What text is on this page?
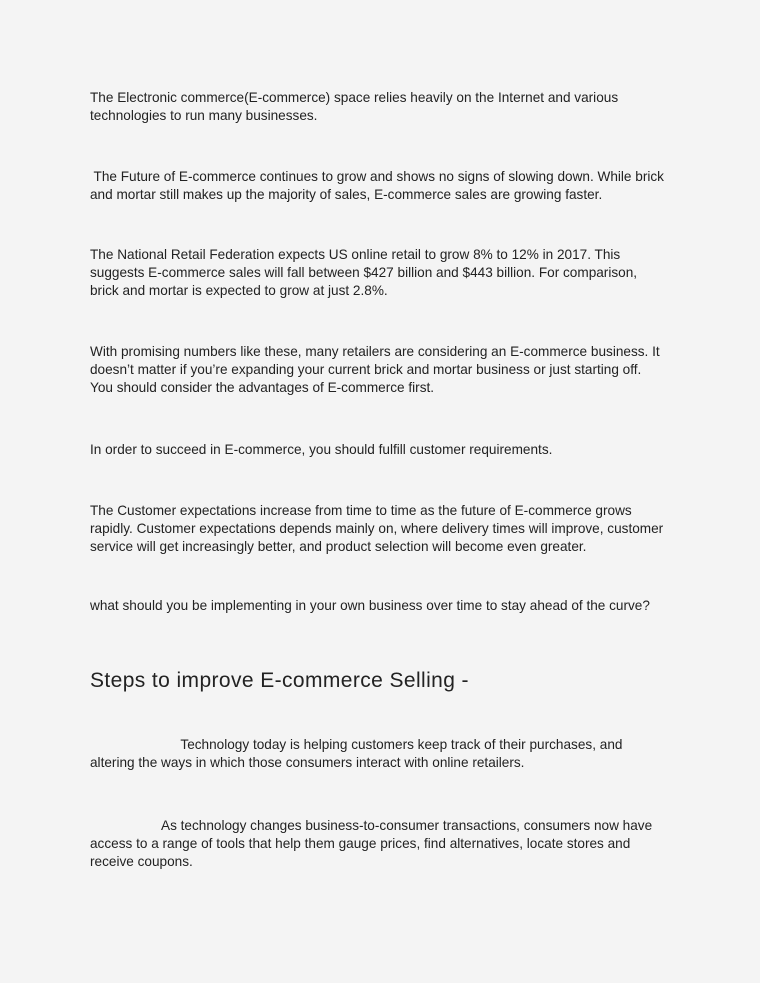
The Electronic commerce(E-commerce) space relies heavily on the Internet and various
technologies to run many businesses.
The Future of E-commerce continues to grow and shows no signs of slowing down. While brick
and mortar still makes up the majority of sales, E-commerce sales are growing faster.
The National Retail Federation expects US online retail to grow 8% to 12% in 2017. This
suggests E-commerce sales will fall between $427 billion and $443 billion. For comparison,
brick and mortar is expected to grow at just 2.8%.
With promising numbers like these, many retailers are considering an E-commerce business. It
doesn’t matter if you’re expanding your current brick and mortar business or just starting off.
You should consider the advantages of E-commerce first.
In order to succeed in E-commerce, you should fulfill customer requirements.
The Customer expectations increase from time to time as the future of E-commerce grows
rapidly. Customer expectations depends mainly on, where delivery times will improve, customer
service will get increasingly better, and product selection will become even greater.
what should you be implementing in your own business over time to stay ahead of the curve?
Steps to improve E-commerce Selling -
Technology today is helping customers keep track of their purchases, and
altering the ways in which those consumers interact with online retailers.
As technology changes business-to-consumer transactions, consumers now have
access to a range of tools that help them gauge prices, find alternatives, locate stores and
receive coupons.
